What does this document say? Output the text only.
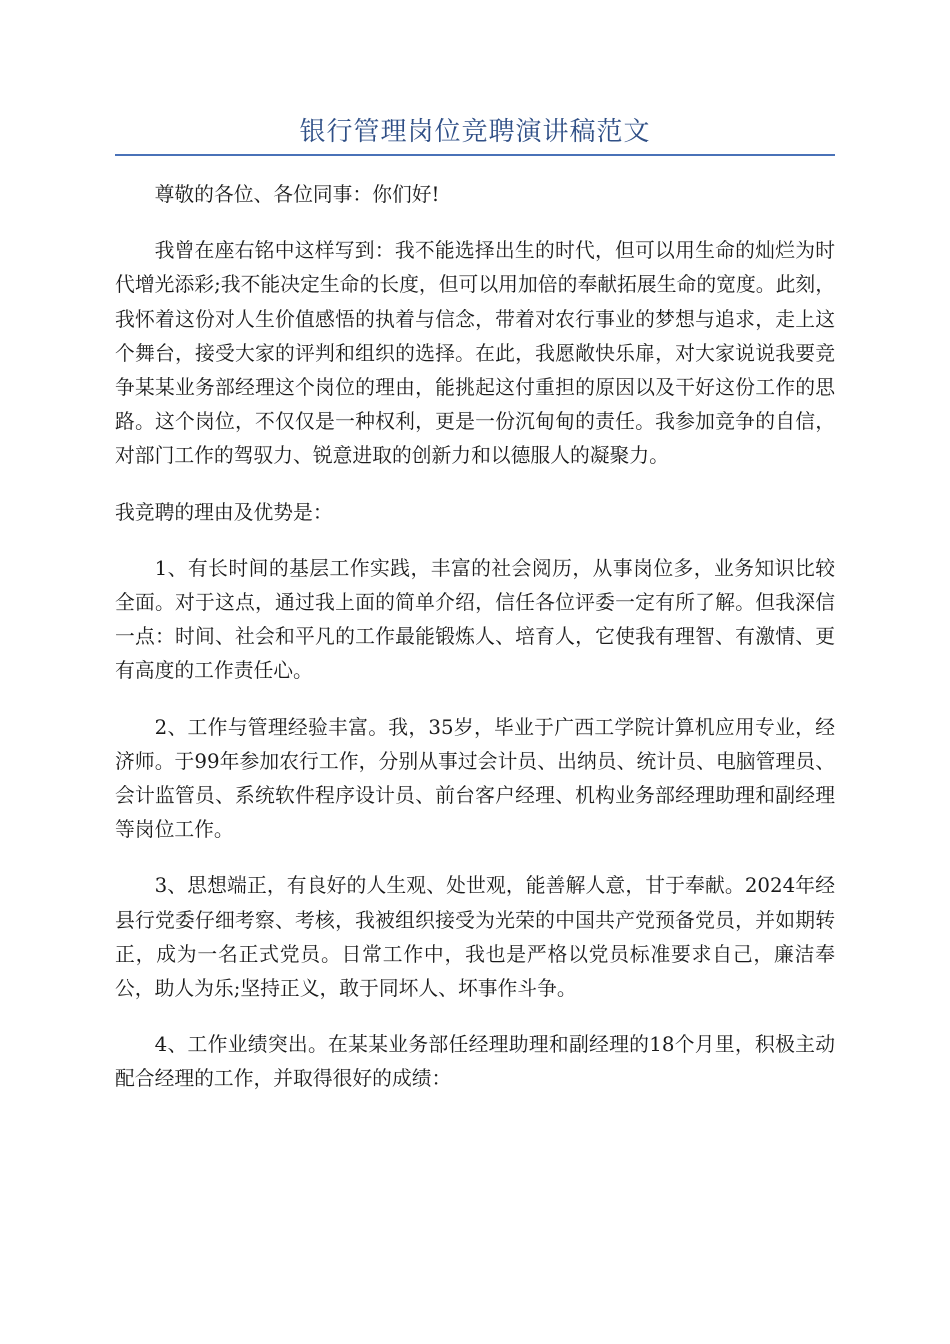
银行管理岗位竞聘演讲稿范文

尊敬的各位、各位同事：你们好!

我曾在座右铭中这样写到：我不能选择出生的时代，但可以用生命的灿烂为时代增光添彩;我不能决定生命的长度，但可以用加倍的奉献拓展生命的宽度。此刻，我怀着这份对人生价值感悟的执着与信念，带着对农行事业的梦想与追求，走上这个舞台，接受大家的评判和组织的选择。在此，我愿敞快乐扉，对大家说说我要竞争某某业务部经理这个岗位的理由，能挑起这付重担的原因以及干好这份工作的思路。这个岗位，不仅仅是一种权利，更是一份沉甸甸的责任。我参加竞争的自信，对部门工作的驾驭力、锐意进取的创新力和以德服人的凝聚力。

我竞聘的理由及优势是：

1、有长时间的基层工作实践，丰富的社会阅历，从事岗位多，业务知识比较全面。对于这点，通过我上面的简单介绍，信任各位评委一定有所了解。但我深信一点：时间、社会和平凡的工作最能锻炼人、培育人，它使我有理智、有激情、更有高度的工作责任心。

2、工作与管理经验丰富。我，35岁，毕业于广西工学院计算机应用专业，经济师。于99年参加农行工作，分别从事过会计员、出纳员、统计员、电脑管理员、会计监管员、系统软件程序设计员、前台客户经理、机构业务部经理助理和副经理等岗位工作。

3、思想端正，有良好的人生观、处世观，能善解人意，甘于奉献。2024年经县行党委仔细考察、考核，我被组织接受为光荣的中国共产党预备党员，并如期转正，成为一名正式党员。日常工作中，我也是严格以党员标准要求自己，廉洁奉公，助人为乐;坚持正义，敢于同坏人、坏事作斗争。

4、工作业绩突出。在某某业务部任经理助理和副经理的18个月里，积极主动配合经理的工作，并取得很好的成绩：
